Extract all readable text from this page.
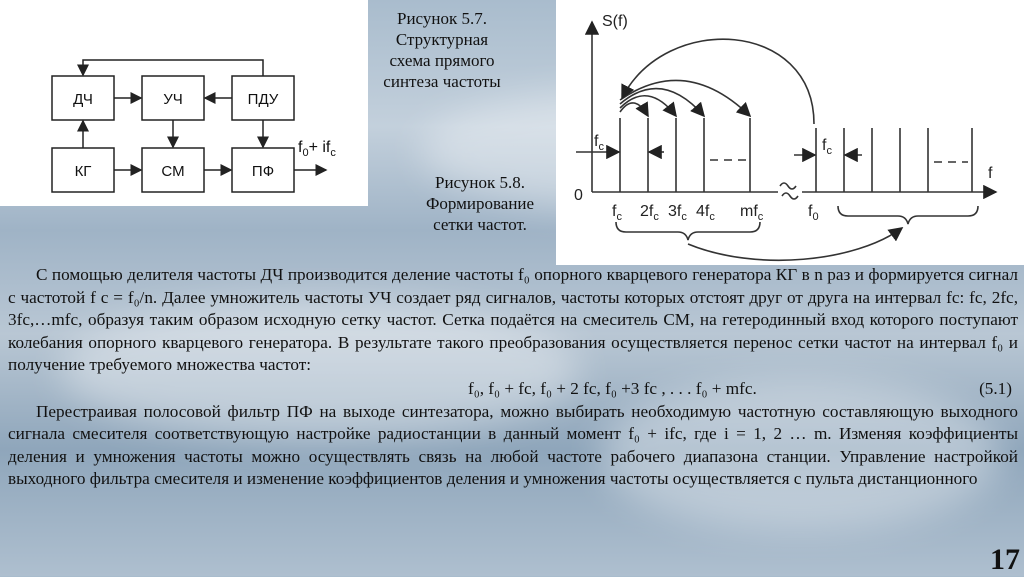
ДЧ	УЧ	ПДУ
КГ	СМ	ПФ
$f_0+ if_c$
Рисунок 5.7.
Структурная
схема прямого
синтеза частоты
Рисунок 5.8.
Формирование
сетки частот.
S(f)
f
0
$f_c$	$f_c$
$f_c$ $2f_c$ $3f_c$ $4f_c$ $mf_c$	$f_0$

С помощью делителя частоты ДЧ производится деление частоты f₀ опорного кварцевого генератора КГ в n раз и формируется сигнал с частотой f c = f₀/n. Далее умножитель частоты УЧ создает ряд сигналов, частоты которых отстоят друг от друга на интервал fc: fc, 2fc, 3fc,…mfc, образуя таким образом исходную сетку частот. Сетка подаётся на смеситель СМ, на гетеродинный вход которого поступают колебания опорного кварцевого генератора. В результате такого преобразования осуществляется перенос сетки частот на интервал f₀ и получение требуемого множества частот:

f₀, f₀ + fc, f₀ + 2 fc, f₀ +3 fc , . . . f₀ + mfc.	(5.1)

Перестраивая полосовой фильтр ПФ на выходе синтезатора, можно выбирать необходимую частотную составляющую выходного сигнала смесителя соответствующую настройке радиостанции в данный момент f₀ + ifc, где i = 1, 2 … m. Изменяя коэффициенты деления и умножения частоты можно осуществлять связь на любой частоте рабочего диапазона станции. Управление настройкой выходного фильтра смесителя и изменение коэффициентов деления и умножения частоты осуществляется с пульта дистанционного

17
